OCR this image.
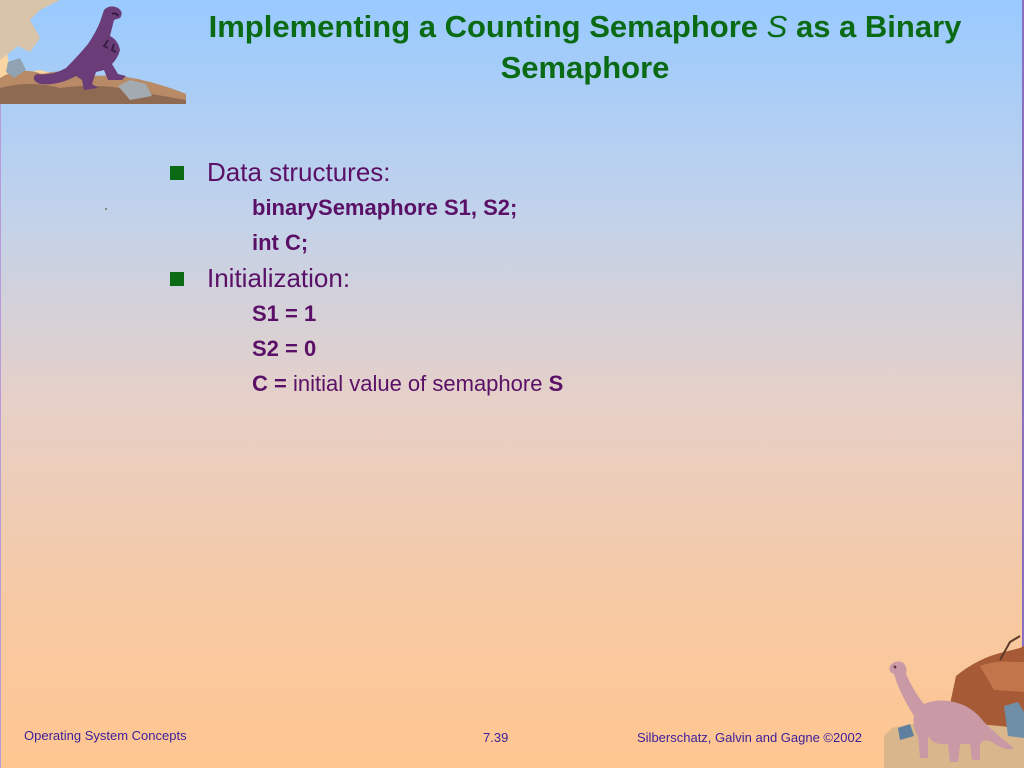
Implementing a Counting Semaphore S as a Binary Semaphore
Data structures:
binarySemaphore S1, S2;
int C;
Initialization:
S1 = 1
S2 = 0
C = initial value of semaphore S
Operating System Concepts	7.39	Silberschatz, Galvin and Gagne ©2002
